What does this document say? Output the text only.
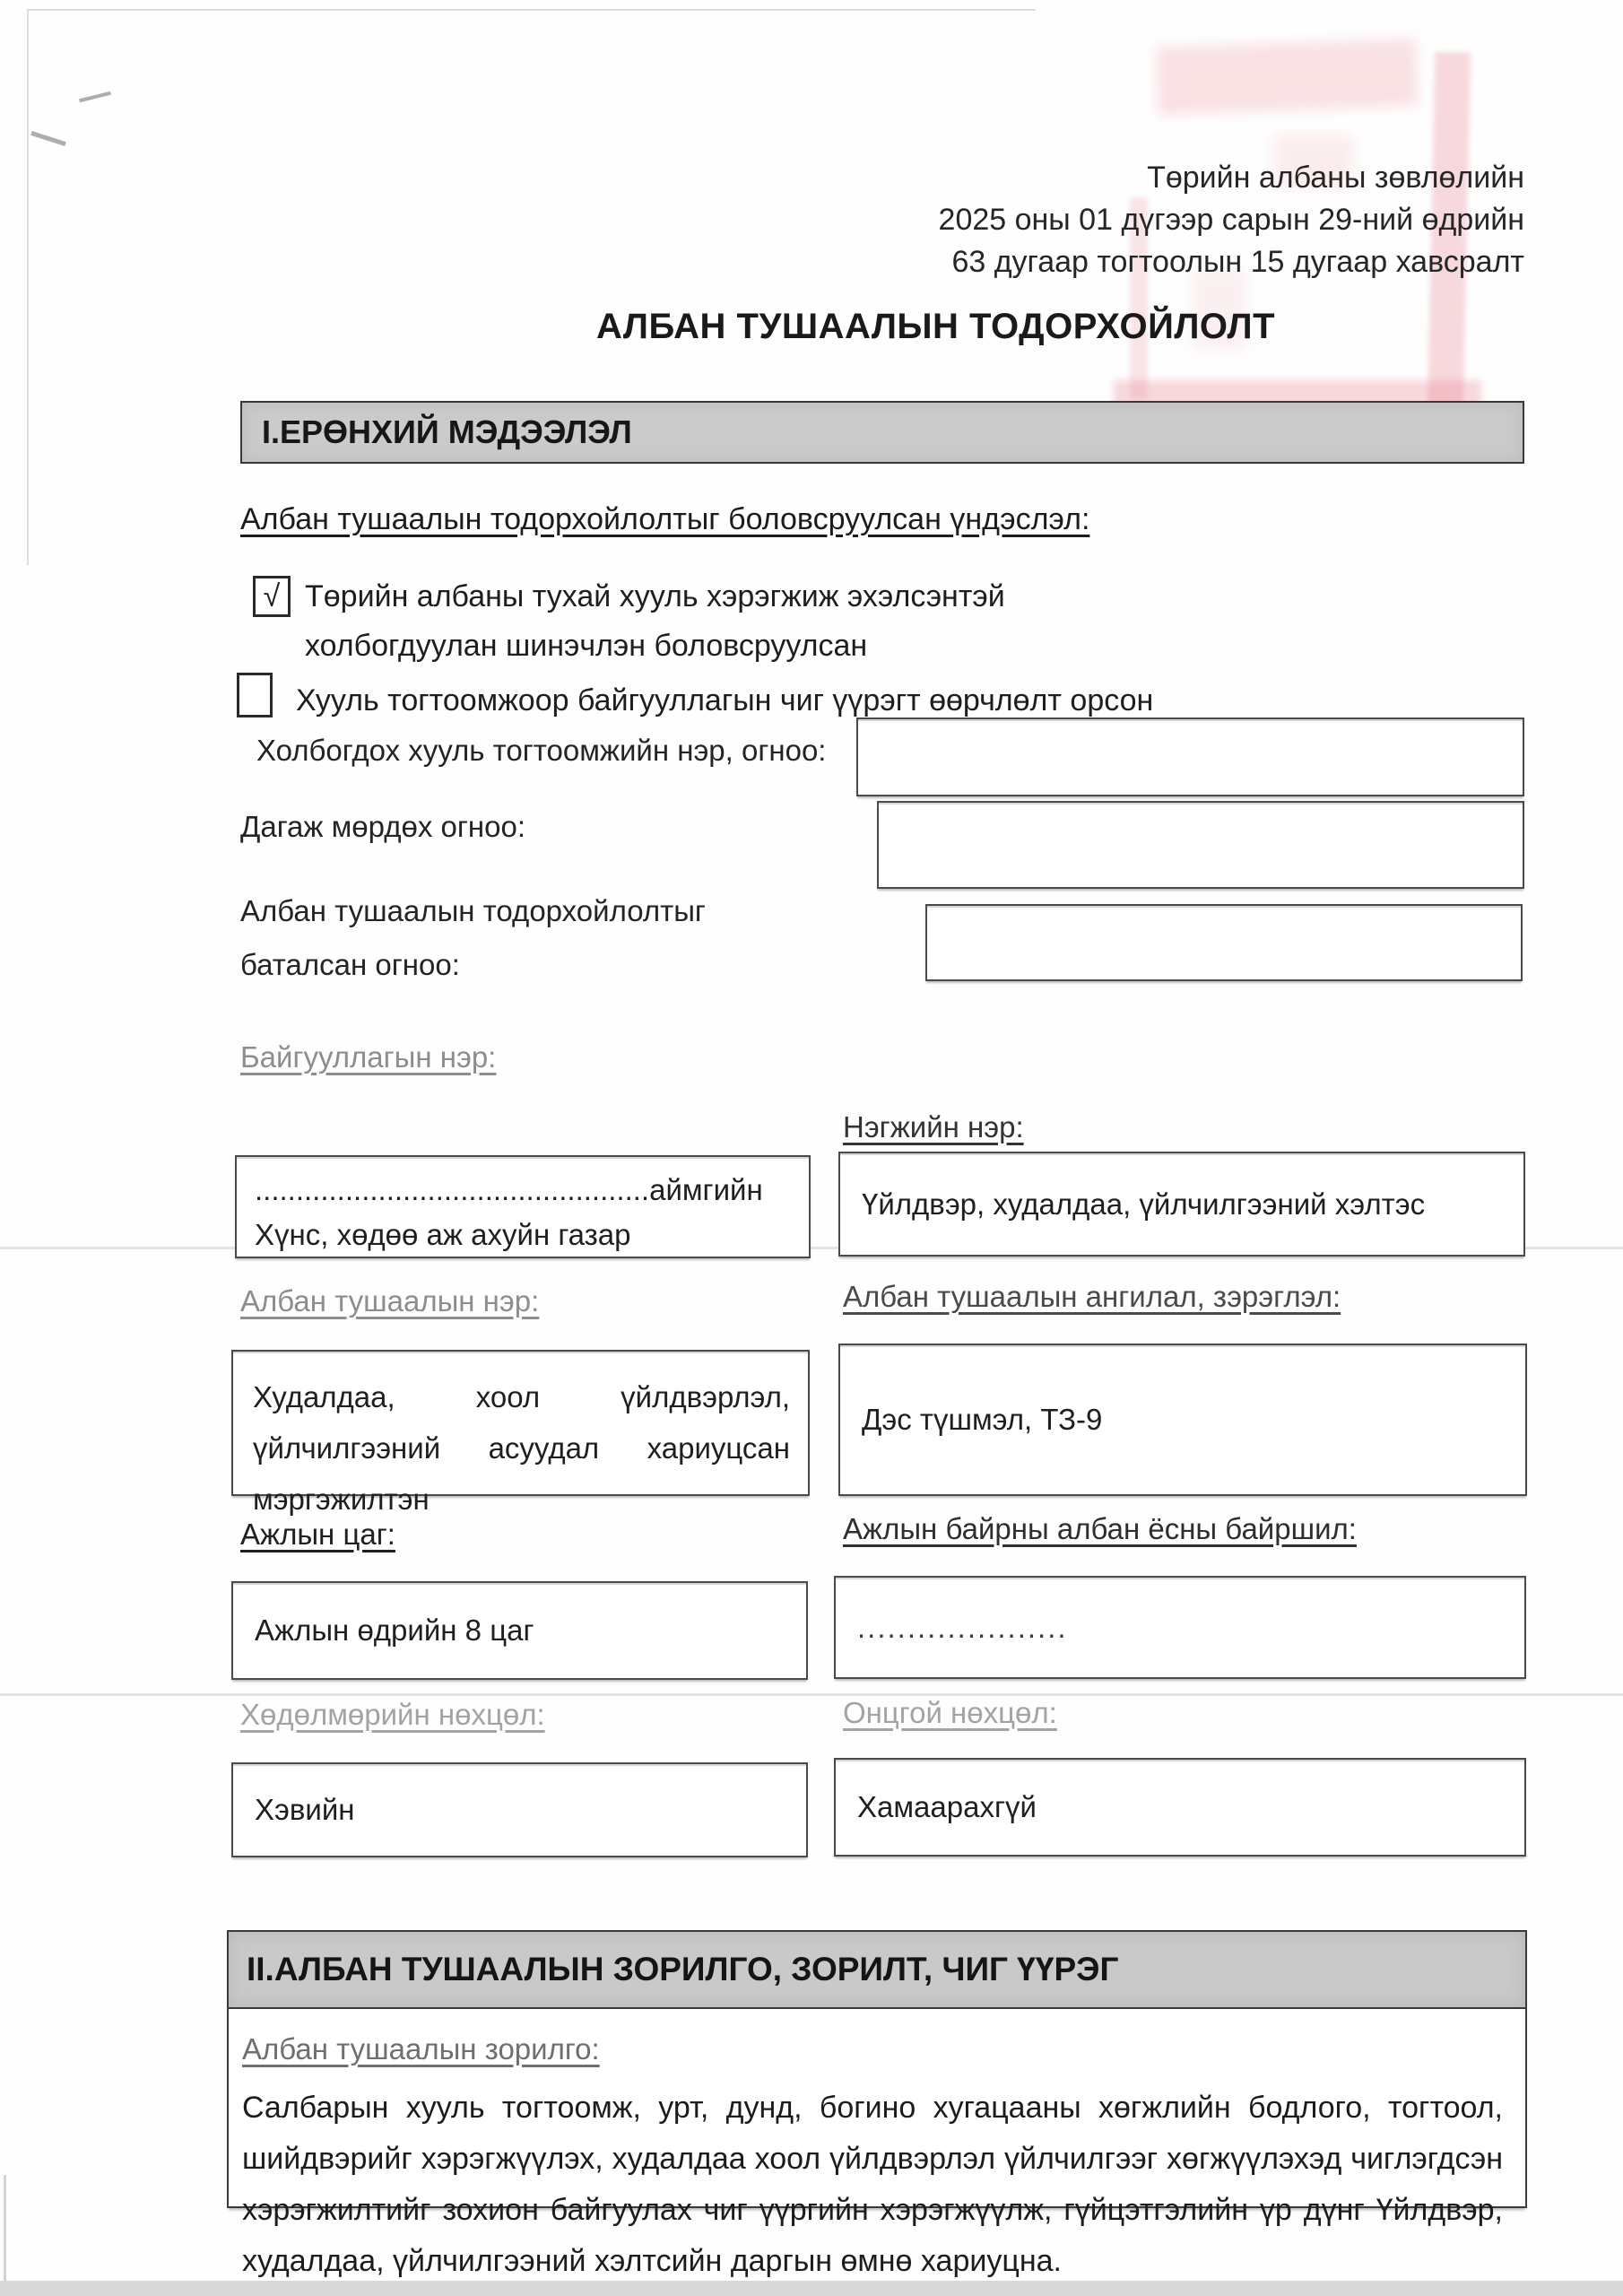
Төрийн албаны зөвлөлийн
2025 оны 01 дүгээр сарын 29-ний өдрийн
63 дугаар тогтоолын 15 дугаар хавсралт
АЛБАН ТУШААЛЫН ТОДОРХОЙЛОЛТ
I.ЕРӨНХИЙ МЭДЭЭЛЭЛ
Албан тушаалын тодорхойлолтыг боловсруулсан үндэслэл:
√ Төрийн албаны тухай хууль хэрэгжиж эхэлсэнтэй холбогдуулан шинэчлэн боловсруулсан
Хууль тогтоомжоор байгууллагын чиг үүрэгт өөрчлөлт орсон
Холбогдох хууль тогтоомжийн нэр, огноо:
Дагаж мөрдөх огноо:
Албан тушаалын тодорхойлолтыг баталсан огноо:
Байгууллагын нэр:
................................................аймгийн
Хүнс, хөдөө аж ахуйн газар
Нэгжийн нэр:
Үйлдвэр, худалдаа, үйлчилгээний хэлтэс
Албан тушаалын нэр:
Худалдаа, хоол үйлдвэрлэл, үйлчилгээний асуудал хариуцсан мэргэжилтэн
Албан тушаалын ангилал, зэрэглэл:
Дэс түшмэл, ТЗ-9
Ажлын цаг:
Ажлын өдрийн 8 цаг
Ажлын байрны албан ёсны байршил:
.....................
Хөдөлмөрийн нөхцөл:
Хэвийн
Онцгой нөхцөл:
Хамаарахгүй
II.АЛБАН ТУШААЛЫН ЗОРИЛГО, ЗОРИЛТ, ЧИГ ҮҮРЭГ
Албан тушаалын зорилго:
Салбарын хууль тогтоомж, урт, дунд, богино хугацааны хөгжлийн бодлого, тогтоол, шийдвэрийг хэрэгжүүлэх, худалдаа хоол үйлдвэрлэл үйлчилгээг хөгжүүлэхэд чиглэгдсэн хэрэгжилтийг зохион байгуулах чиг үүргийн хэрэгжүүлж, гүйцэтгэлийн үр дүнг Үйлдвэр, худалдаа, үйлчилгээний хэлтсийн даргын өмнө хариуцна.
